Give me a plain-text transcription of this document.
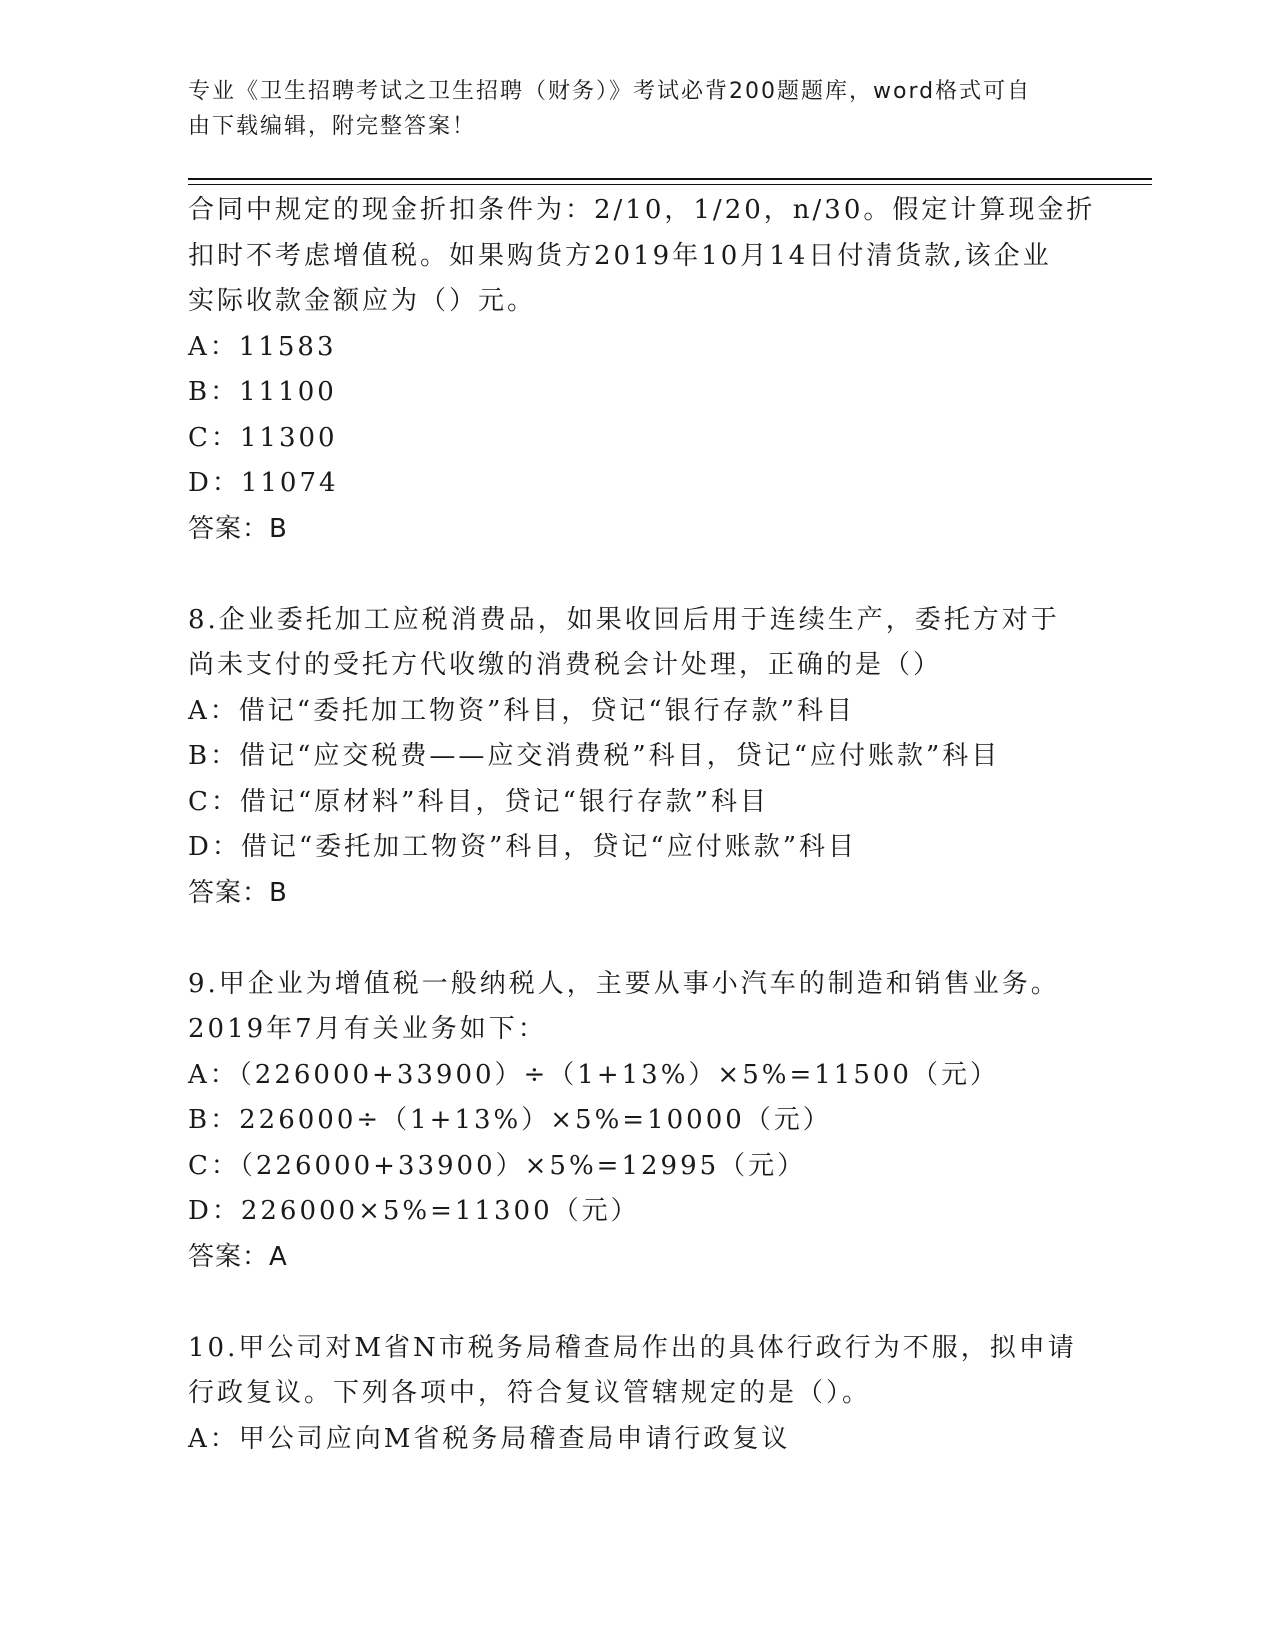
专业《卫生招聘考试之卫生招聘（财务）》考试必背200题题库，word格式可自
由下载编辑，附完整答案！

合同中规定的现金折扣条件为：2/10，1/20，n/30。假定计算现金折

扣时不考虑增值税。如果购货方2019年10月14日付清货款,该企业

实际收款金额应为（）元。

A：11583

B：11100

C：11300

D：11074

答案：B

8.企业委托加工应税消费品，如果收回后用于连续生产，委托方对于

尚未支付的受托方代收缴的消费税会计处理，正确的是（）

A：借记“委托加工物资”科目，贷记“银行存款”科目

B：借记“应交税费——应交消费税”科目，贷记“应付账款”科目

C：借记“原材料”科目，贷记“银行存款”科目

D：借记“委托加工物资”科目，贷记“应付账款”科目

答案：B

9.甲企业为增值税一般纳税人，主要从事小汽车的制造和销售业务。

2019年7月有关业务如下：

A：（226000+33900）÷（1+13%）×5%=11500（元）

B：226000÷（1+13%）×5%=10000（元）

C：（226000+33900）×5%=12995（元）

D：226000×5%=11300（元）

答案：A

10.甲公司对M省N市税务局稽查局作出的具体行政行为不服，拟申请

行政复议。下列各项中，符合复议管辖规定的是（）。

A：甲公司应向M省税务局稽查局申请行政复议
